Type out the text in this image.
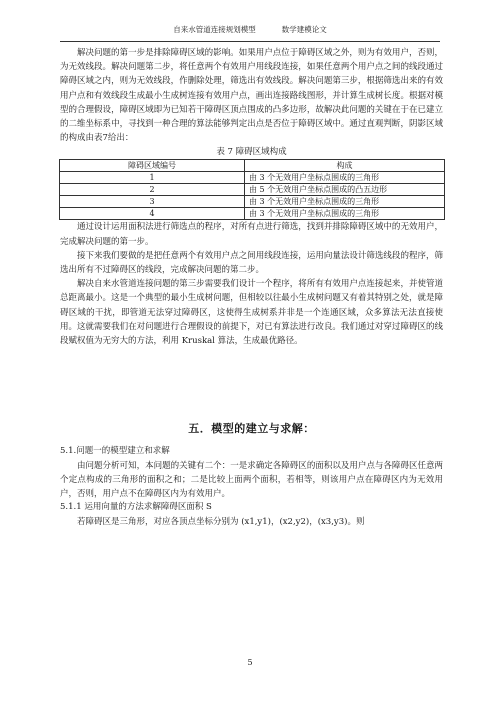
自来水管道连接规划模型	数学建模论文

解决问题的第一步是排除障碍区域的影响。如果用户点位于障碍区域之外，则为有效用户，否则，为无效线段。解决问题第二步，将任意两个有效用户用线段连接，如果任意两个用户点之间的线段通过障碍区域之内，则为无效线段，作删除处理，筛选出有效线段。解决问题第三步，根据筛选出来的有效用户点和有效线段生成最小生成树连接有效用户点，画出连接路线图形，并计算生成树长度。根据对模型的合理假设，障碍区域即为已知若干障碍区顶点围成的凸多边形，故解决此问题的关键在于在已建立的二维坐标系中，寻找到一种合理的算法能够判定出点是否位于障碍区域中。通过直观判断，阴影区域的构成由表7给出：

表 7 障碍区域构成
障碍区域编号	构成
1	由 3 个无效用户坐标点围成的三角形
2	由 5 个无效用户坐标点围成的凸五边形
3	由 3 个无效用户坐标点围成的三角形
4	由 3 个无效用户坐标点围成的三角形

通过设计运用面积法进行筛选点的程序，对所有点进行筛选，找到并排除障碍区域中的无效用户，完成解决问题的第一步。

接下来我们要做的是把任意两个有效用户点之间用线段连接，运用向量法设计筛选线段的程序，筛选出所有不过障碍区的线段，完成解决问题的第二步。

解决自来水管道连接问题的第三步需要我们设计一个程序，将所有有效用户点连接起来，并使管道总距离最小。这是一个典型的最小生成树问题，但相较以往最小生成树问题又有着其特别之处，就是障碍区域的干扰，即管道无法穿过障碍区，这使得生成树系并非是一个连通区域，众多算法无法直接使用。这就需要我们在对问题进行合理假设的前提下，对已有算法进行改良。我们通过对穿过障碍区的线段赋权值为无穷大的方法，利用 Kruskal 算法，生成最优路径。

五．模型的建立与求解：

5.1.问题一的模型建立和求解

由问题分析可知，本问题的关键有二个：一是求确定各障碍区的面积以及用户点与各障碍区任意两个定点构成的三角形的面积之和；二是比较上面两个面积，若相等，则该用户点在障碍区内为无效用户，否则，用户点不在障碍区内为有效用户。

5.1.1 运用向量的方法求解障碍区面积 S

若障碍区是三角形，对应各顶点坐标分别为 (x1,y1)，(x2,y2)，(x3,y3)。则

5
